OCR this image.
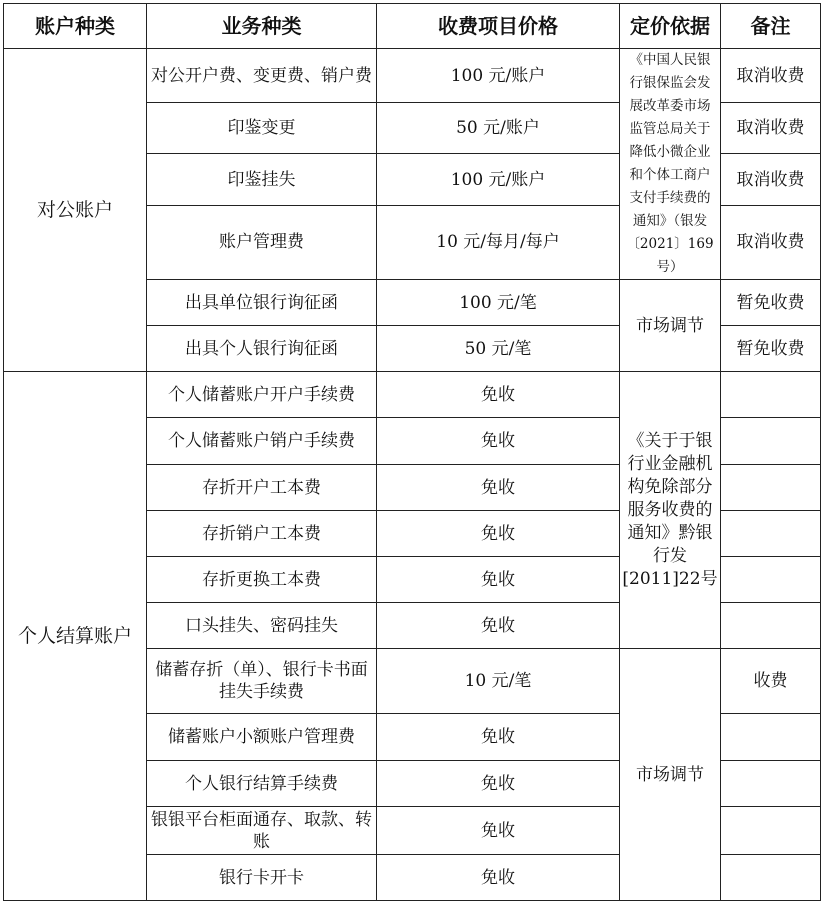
账户种类	业务种类	收费项目价格	定价依据	备注
对公账户	对公开户费、变更费、销户费	100 元/账户	《中国人民银行银保监会发展改革委市场监管总局关于降低小微企业和个体工商户支付手续费的通知》（银发〔2021〕169 号）	取消收费
	印鉴变更	50 元/账户		取消收费
	印鉴挂失	100 元/账户		取消收费
	账户管理费	10 元/每月/每户		取消收费
	出具单位银行询征函	100 元/笔	市场调节	暂免收费
	出具个人银行询征函	50 元/笔		暂免收费
个人结算账户	个人储蓄账户开户手续费	免收	《关于于银行业金融机构免除部分服务收费的通知》黔银行发[2011]22号	
	个人储蓄账户销户手续费	免收		
	存折开户工本费	免收		
	存折销户工本费	免收		
	存折更换工本费	免收		
	口头挂失、密码挂失	免收		
	储蓄存折（单）、银行卡书面挂失手续费	10 元/笔	市场调节	收费
	储蓄账户小额账户管理费	免收		
	个人银行结算手续费	免收		
	银银平台柜面通存、取款、转账	免收		
	银行卡开卡	免收		
